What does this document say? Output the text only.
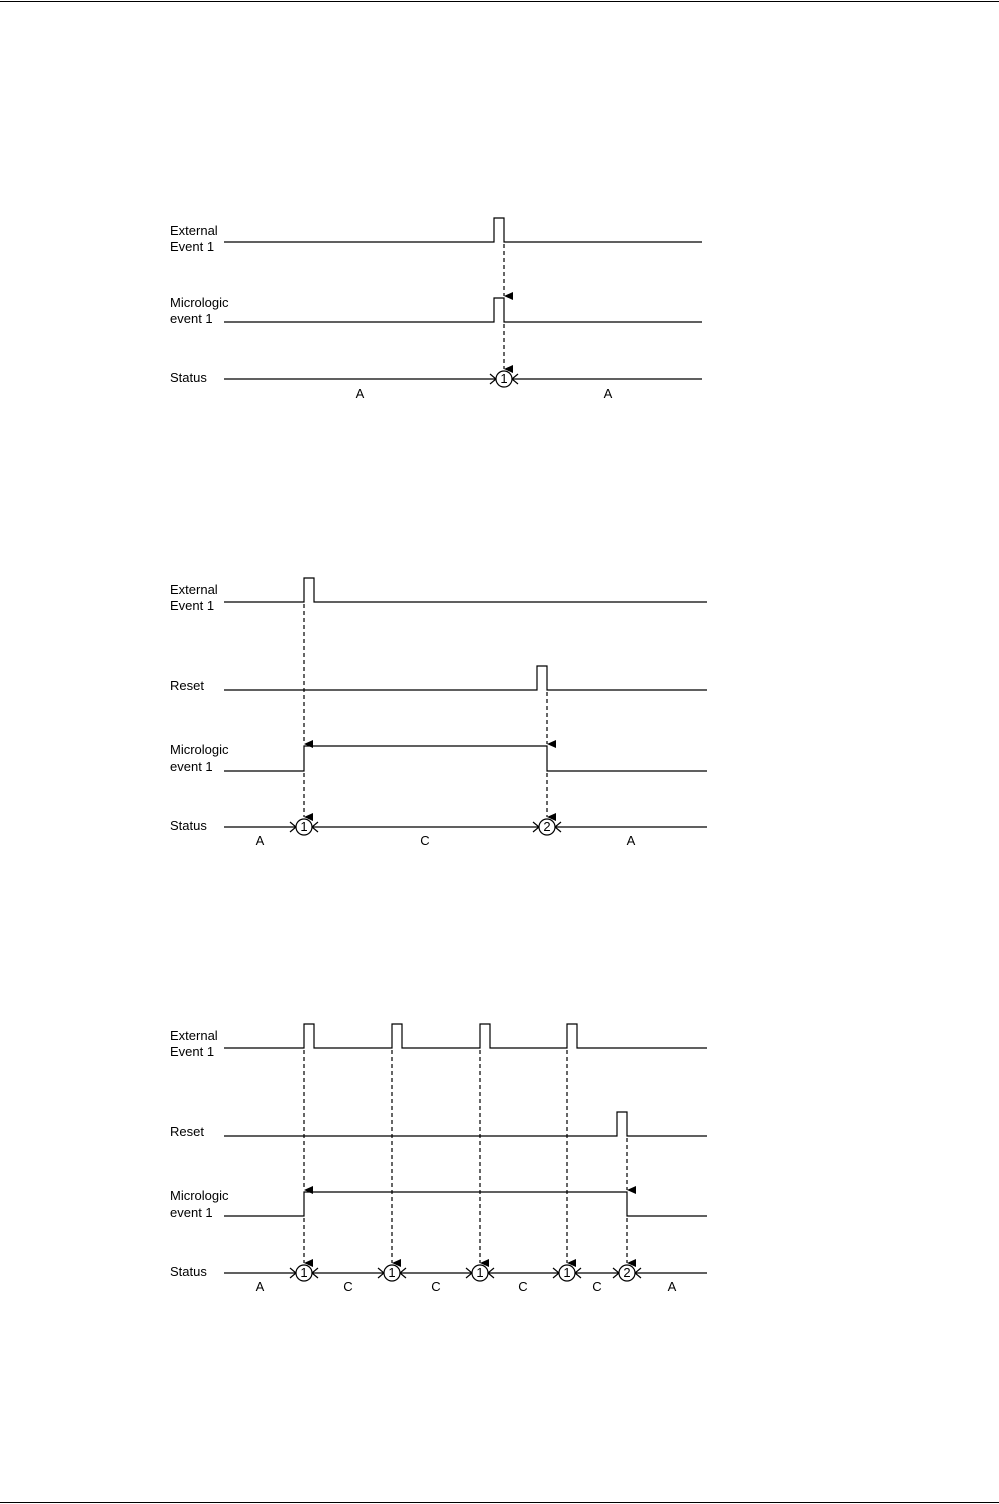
External
Event 1
Micrologic
event 1
Status	1
A	A
External
Event 1
Reset
Micrologic
event 1
Status	1	2
A	C	A
External
Event 1
Reset
Micrologic
event 1
Status	1	1	1	1	2
A	C	C	C	C	A
